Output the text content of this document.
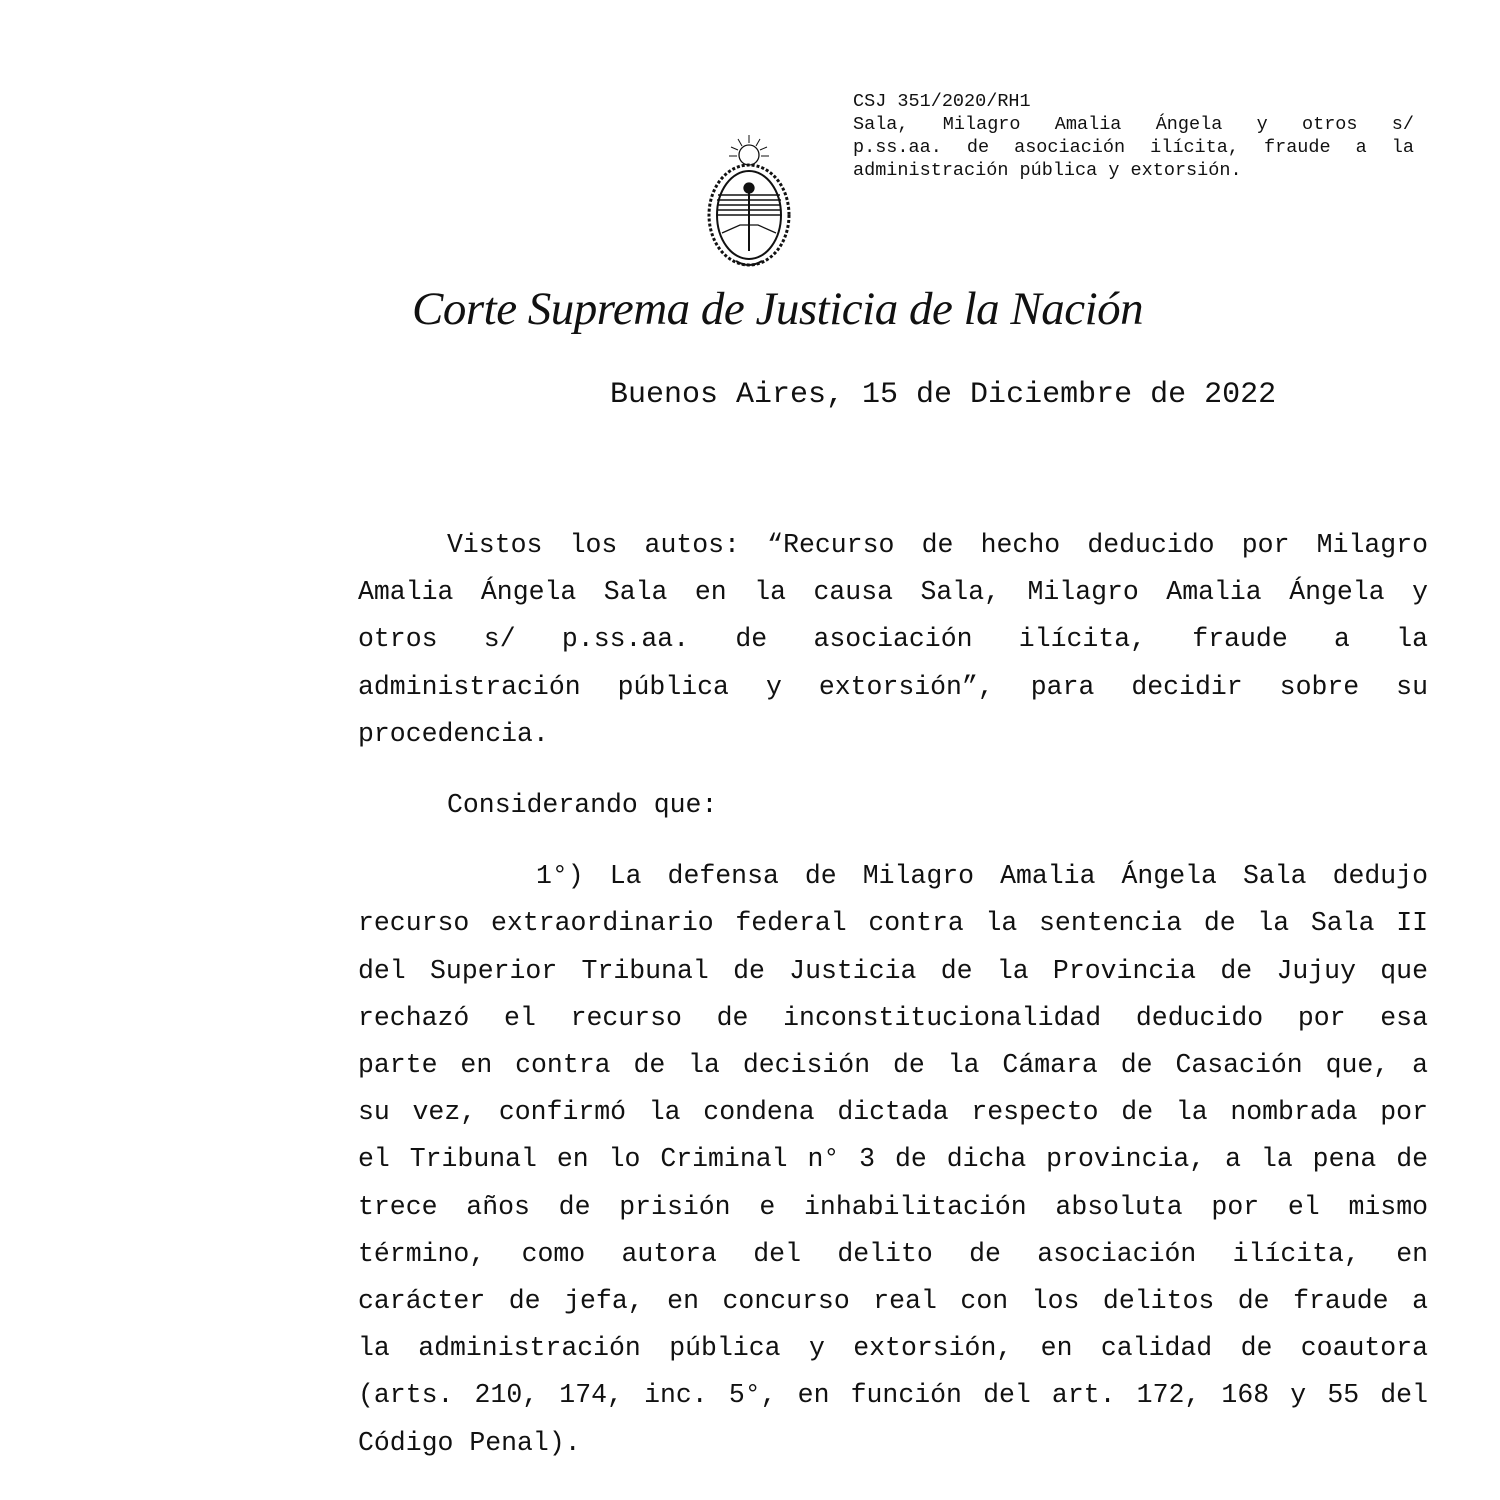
CSJ 351/2020/RH1
Sala, Milagro Amalia Ángela y otros s/
p.ss.aa. de asociación ilícita, fraude a la
administración pública y extorsión.
Corte Suprema de Justicia de la Nación
Buenos Aires, 15 de Diciembre de 2022
Vistos los autos: “Recurso de hecho deducido por Milagro
Amalia Ángela Sala en la causa Sala, Milagro Amalia Ángela y
otros s/ p.ss.aa. de asociación ilícita, fraude a la
administración pública y extorsión”, para decidir sobre su
procedencia.
Considerando que:
1°) La defensa de Milagro Amalia Ángela Sala dedujo
recurso extraordinario federal contra la sentencia de la Sala II
del Superior Tribunal de Justicia de la Provincia de Jujuy que
rechazó el recurso de inconstitucionalidad deducido por esa
parte en contra de la decisión de la Cámara de Casación que, a
su vez, confirmó la condena dictada respecto de la nombrada por
el Tribunal en lo Criminal n° 3 de dicha provincia, a la pena de
trece años de prisión e inhabilitación absoluta por el mismo
término, como autora del delito de asociación ilícita, en
carácter de jefa, en concurso real con los delitos de fraude a
la administración pública y extorsión, en calidad de coautora
(arts. 210, 174, inc. 5°, en función del art. 172, 168 y 55 del
Código Penal).
